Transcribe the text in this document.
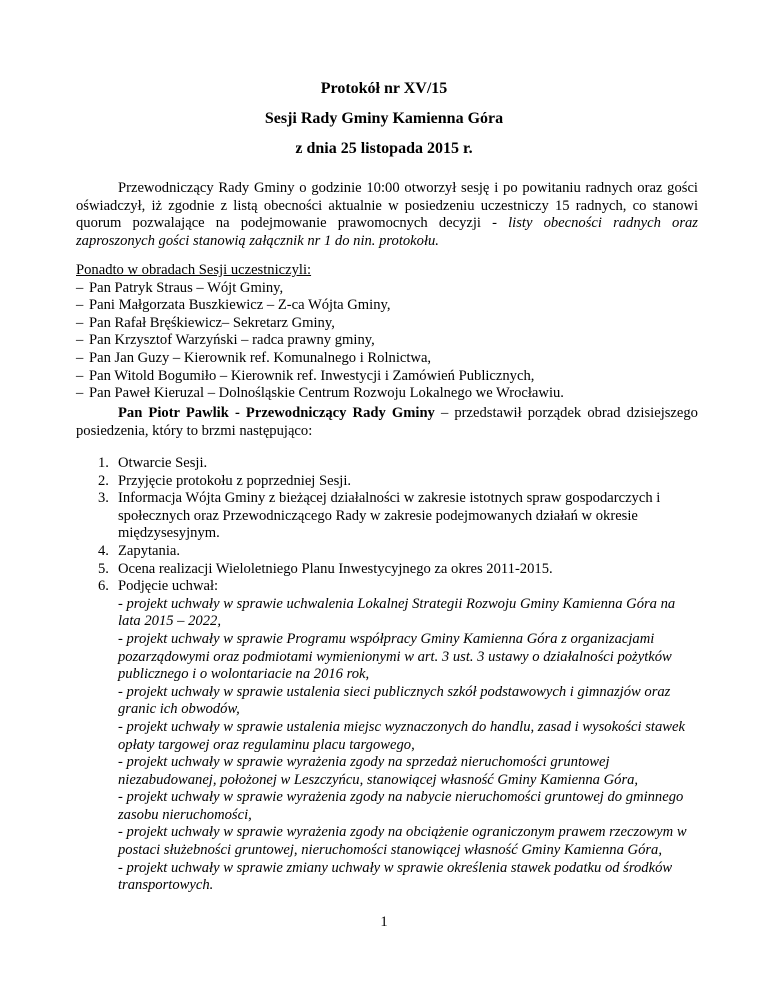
Protokół nr XV/15
Sesji Rady Gminy Kamienna Góra
z dnia 25 listopada 2015 r.

Przewodniczący Rady Gminy o godzinie 10:00 otworzył sesję i po powitaniu radnych oraz gości oświadczył, iż zgodnie z listą obecności aktualnie w posiedzeniu uczestniczy 15 radnych, co stanowi quorum pozwalające na podejmowanie prawomocnych decyzji - listy obecności radnych oraz zaproszonych gości stanowią załącznik nr 1 do nin. protokołu.

Ponadto w obradach Sesji uczestniczyli:
– Pan Patryk Straus – Wójt Gminy,
– Pani Małgorzata Buszkiewicz – Z-ca Wójta Gminy,
– Pan Rafał Bręśkiewicz– Sekretarz Gminy,
– Pan Krzysztof Warzyński – radca prawny gminy,
– Pan Jan Guzy – Kierownik ref. Komunalnego i Rolnictwa,
– Pan Witold Bogumiło – Kierownik ref. Inwestycji i Zamówień Publicznych,
– Pan Paweł Kieruzal – Dolnośląskie Centrum Rozwoju Lokalnego we Wrocławiu.

Pan Piotr Pawlik - Przewodniczący Rady Gminy – przedstawił porządek obrad dzisiejszego posiedzenia, który to brzmi następująco:

1. Otwarcie Sesji.
2. Przyjęcie protokołu z poprzedniej Sesji.
3. Informacja Wójta Gminy z bieżącej działalności w zakresie istotnych spraw gospodarczych i społecznych oraz Przewodniczącego Rady w zakresie podejmowanych działań w okresie międzysesyjnym.
4. Zapytania.
5. Ocena realizacji Wieloletniego Planu Inwestycyjnego za okres 2011-2015.
6. Podjęcie uchwał:
- projekt uchwały w sprawie uchwalenia Lokalnej Strategii Rozwoju Gminy Kamienna Góra na lata 2015 – 2022,
- projekt uchwały w sprawie Programu współpracy Gminy Kamienna Góra z organizacjami pozarządowymi oraz podmiotami wymienionymi w art. 3 ust. 3 ustawy o działalności pożytków publicznego i o wolontariacie na 2016 rok,
- projekt uchwały w sprawie ustalenia sieci publicznych szkół podstawowych i gimnazjów oraz granic ich obwodów,
- projekt uchwały w sprawie ustalenia miejsc wyznaczonych do handlu, zasad i wysokości stawek opłaty targowej oraz regulaminu placu targowego,
- projekt uchwały w sprawie wyrażenia zgody na sprzedaż nieruchomości gruntowej niezabudowanej, położonej w Leszczyńcu, stanowiącej własność Gminy Kamienna Góra,
- projekt uchwały w sprawie wyrażenia zgody na nabycie nieruchomości gruntowej do gminnego zasobu nieruchomości,
- projekt uchwały w sprawie wyrażenia zgody na obciążenie ograniczonym prawem rzeczowym w postaci służebności gruntowej, nieruchomości stanowiącej własność Gminy Kamienna Góra,
- projekt uchwały w sprawie zmiany uchwały w sprawie określenia stawek podatku od środków transportowych.
1
